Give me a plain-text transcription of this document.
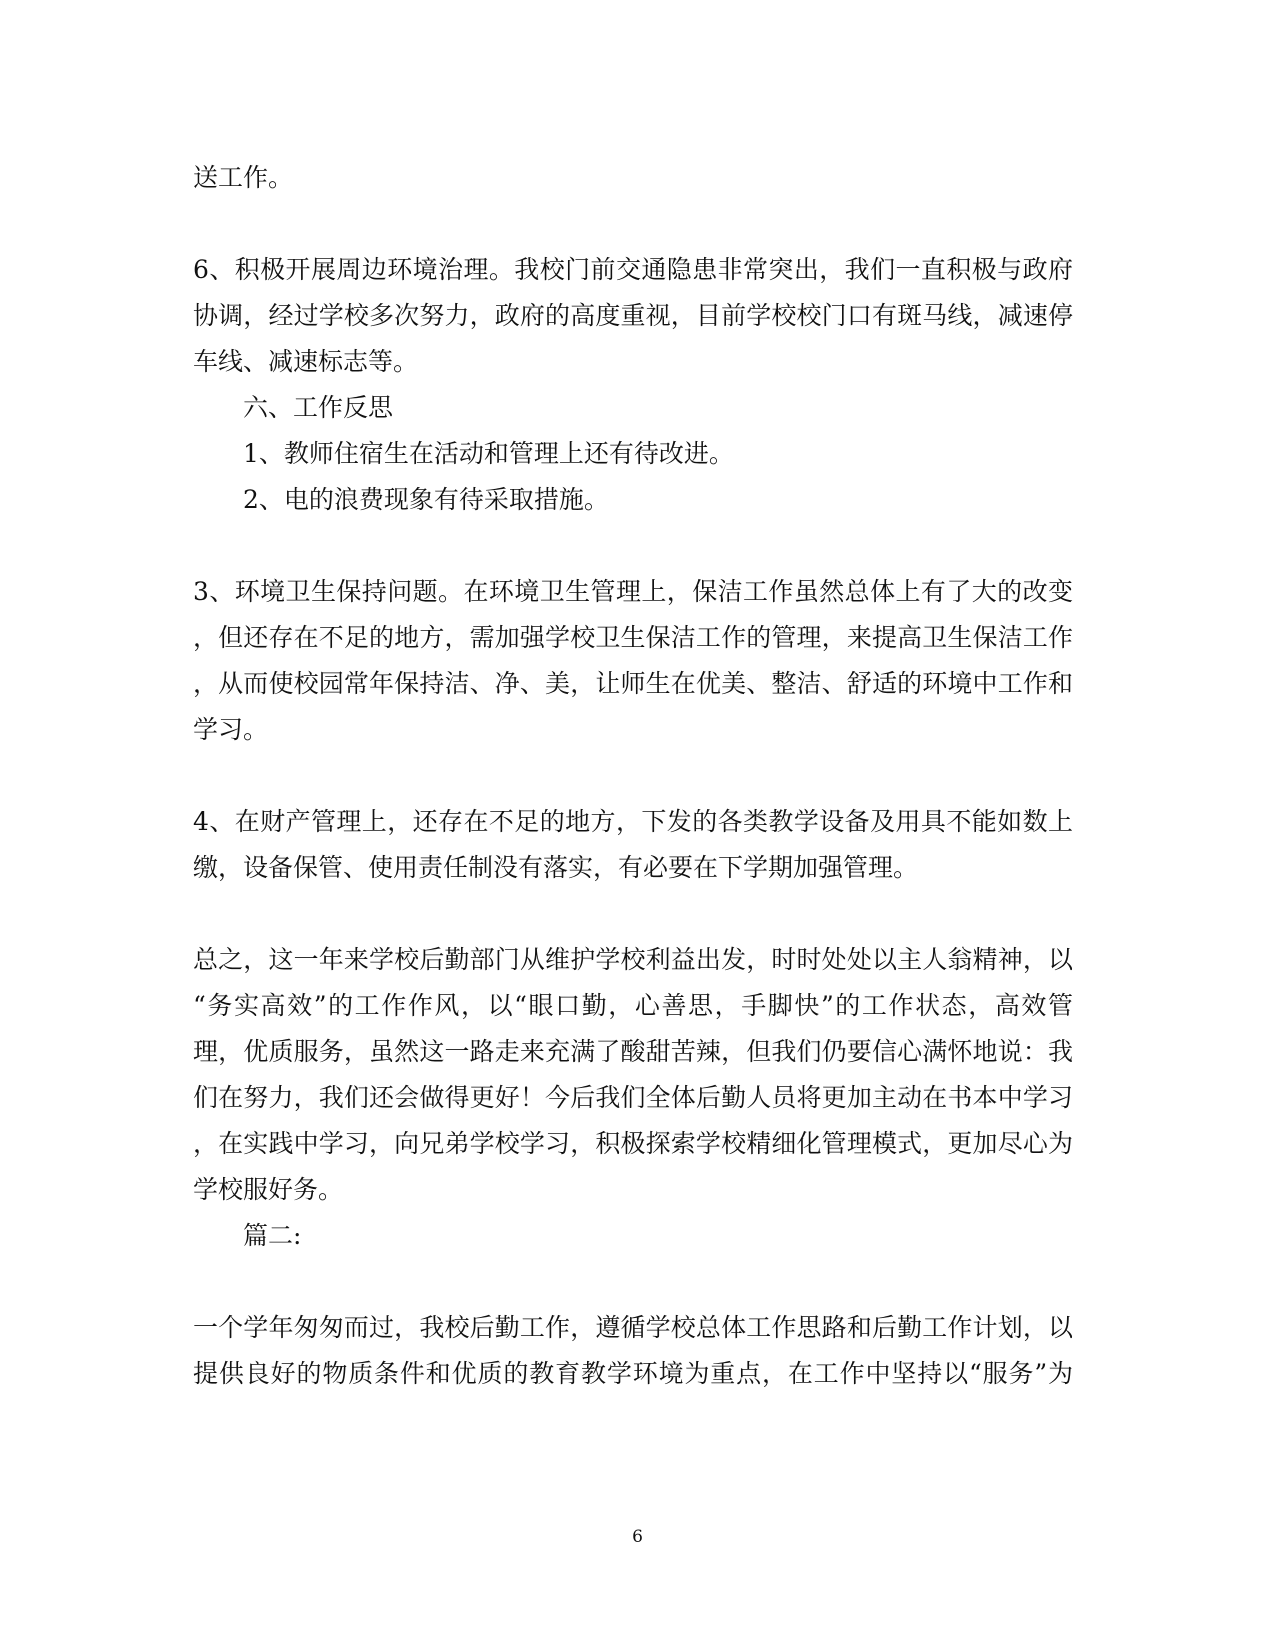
送工作。
6、积极开展周边环境治理。我校门前交通隐患非常突出，我们一直积极与政府
协调，经过学校多次努力，政府的高度重视，目前学校校门口有斑马线，减速停
车线、减速标志等。
六、工作反思
1、教师住宿生在活动和管理上还有待改进。
2、电的浪费现象有待采取措施。
3、环境卫生保持问题。在环境卫生管理上，保洁工作虽然总体上有了大的改变
，但还存在不足的地方，需加强学校卫生保洁工作的管理，来提高卫生保洁工作
，从而使校园常年保持洁、净、美，让师生在优美、整洁、舒适的环境中工作和
学习。
4、在财产管理上，还存在不足的地方，下发的各类教学设备及用具不能如数上
缴，设备保管、使用责任制没有落实，有必要在下学期加强管理。
总之，这一年来学校后勤部门从维护学校利益出发，时时处处以主人翁精神，以
“务实高效”的工作作风，以“眼口勤，心善思，手脚快”的工作状态，高效管
理，优质服务，虽然这一路走来充满了酸甜苦辣，但我们仍要信心满怀地说：我
们在努力，我们还会做得更好！今后我们全体后勤人员将更加主动在书本中学习
，在实践中学习，向兄弟学校学习，积极探索学校精细化管理模式，更加尽心为
学校服好务。
篇二:
一个学年匆匆而过，我校后勤工作，遵循学校总体工作思路和后勤工作计划，以
提供良好的物质条件和优质的教育教学环境为重点，在工作中坚持以“服务”为
6
